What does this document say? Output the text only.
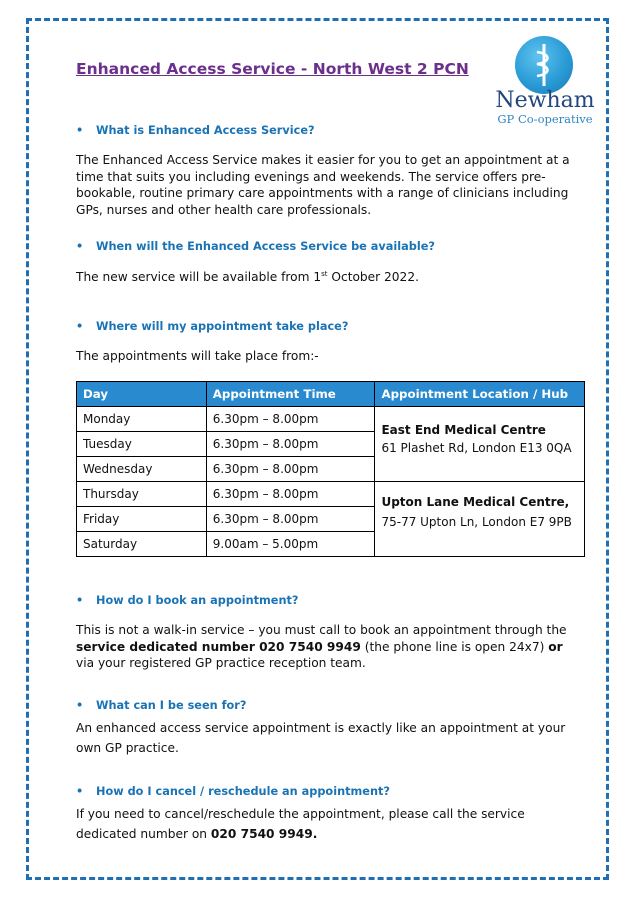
Enhanced Access Service - North West 2 PCN
Newham
GP Co-operative

• What is Enhanced Access Service?

The Enhanced Access Service makes it easier for you to get an appointment at a time that suits you including evenings and weekends. The service offers pre-bookable, routine primary care appointments with a range of clinicians including GPs, nurses and other health care professionals.

• When will the Enhanced Access Service be available?

The new service will be available from 1st October 2022.

• Where will my appointment take place?

The appointments will take place from:-

Day	Appointment Time	Appointment Location / Hub
Monday	6.30pm – 8.00pm	East End Medical Centre
61 Plashet Rd, London E13 0QA
Tuesday	6.30pm – 8.00pm	
Wednesday	6.30pm – 8.00pm	
Thursday	6.30pm – 8.00pm	Upton Lane Medical Centre,
75-77 Upton Ln, London E7 9PB
Friday	6.30pm – 8.00pm	
Saturday	9.00am – 5.00pm	

• How do I book an appointment?

This is not a walk-in service – you must call to book an appointment through the service dedicated number 020 7540 9949 (the phone line is open 24x7) or via your registered GP practice reception team.

• What can I be seen for?

An enhanced access service appointment is exactly like an appointment at your own GP practice.

• How do I cancel / reschedule an appointment?

If you need to cancel/reschedule the appointment, please call the service dedicated number on 020 7540 9949.
